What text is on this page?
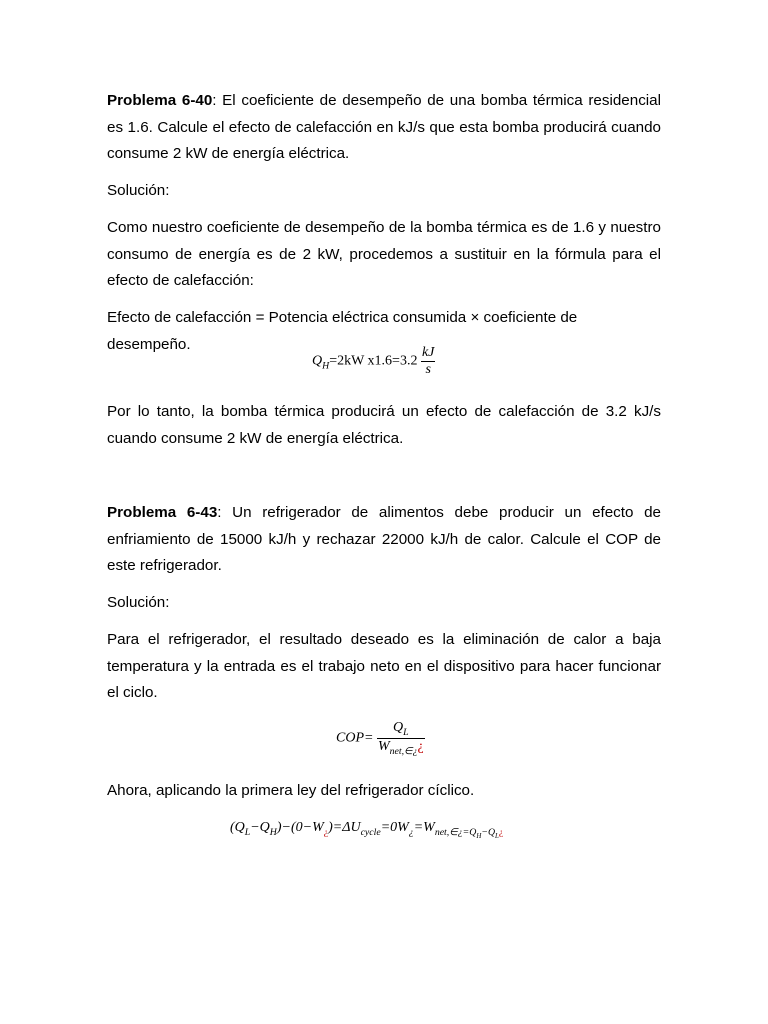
Problema 6-40: El coeficiente de desempeño de una bomba térmica residencial es 1.6. Calcule el efecto de calefacción en kJ/s que esta bomba producirá cuando consume 2 kW de energía eléctrica.

Solución:

Como nuestro coeficiente de desempeño de la bomba térmica es de 1.6 y nuestro consumo de energía es de 2 kW, procedemos a sustituir en la fórmula para el efecto de calefacción:

Efecto de calefacción = Potencia eléctrica consumida × coeficiente de desempeño.

$Q_H=2kW$ $x1.6=3.2 \frac{kJ}{s}$

Por lo tanto, la bomba térmica producirá un efecto de calefacción de 3.2 kJ/s cuando consume 2 kW de energía eléctrica.

Problema 6-43: Un refrigerador de alimentos debe producir un efecto de enfriamiento de 15000 kJ/h y rechazar 22000 kJ/h de calor. Calcule el COP de este refrigerador.

Solución:

Para el refrigerador, el resultado deseado es la eliminación de calor a baja temperatura y la entrada es el trabajo neto en el dispositivo para hacer funcionar el ciclo.

$COP= \frac{Q_L}{W_{net,\in¿}¿}$

Ahora, aplicando la primera ley del refrigerador cíclico.

$(Q_L-Q_H)-(0-W_¿)=\Delta U_{cycle}=0W_¿=W_{net,\in¿=Q_H-Q_L¿}$
